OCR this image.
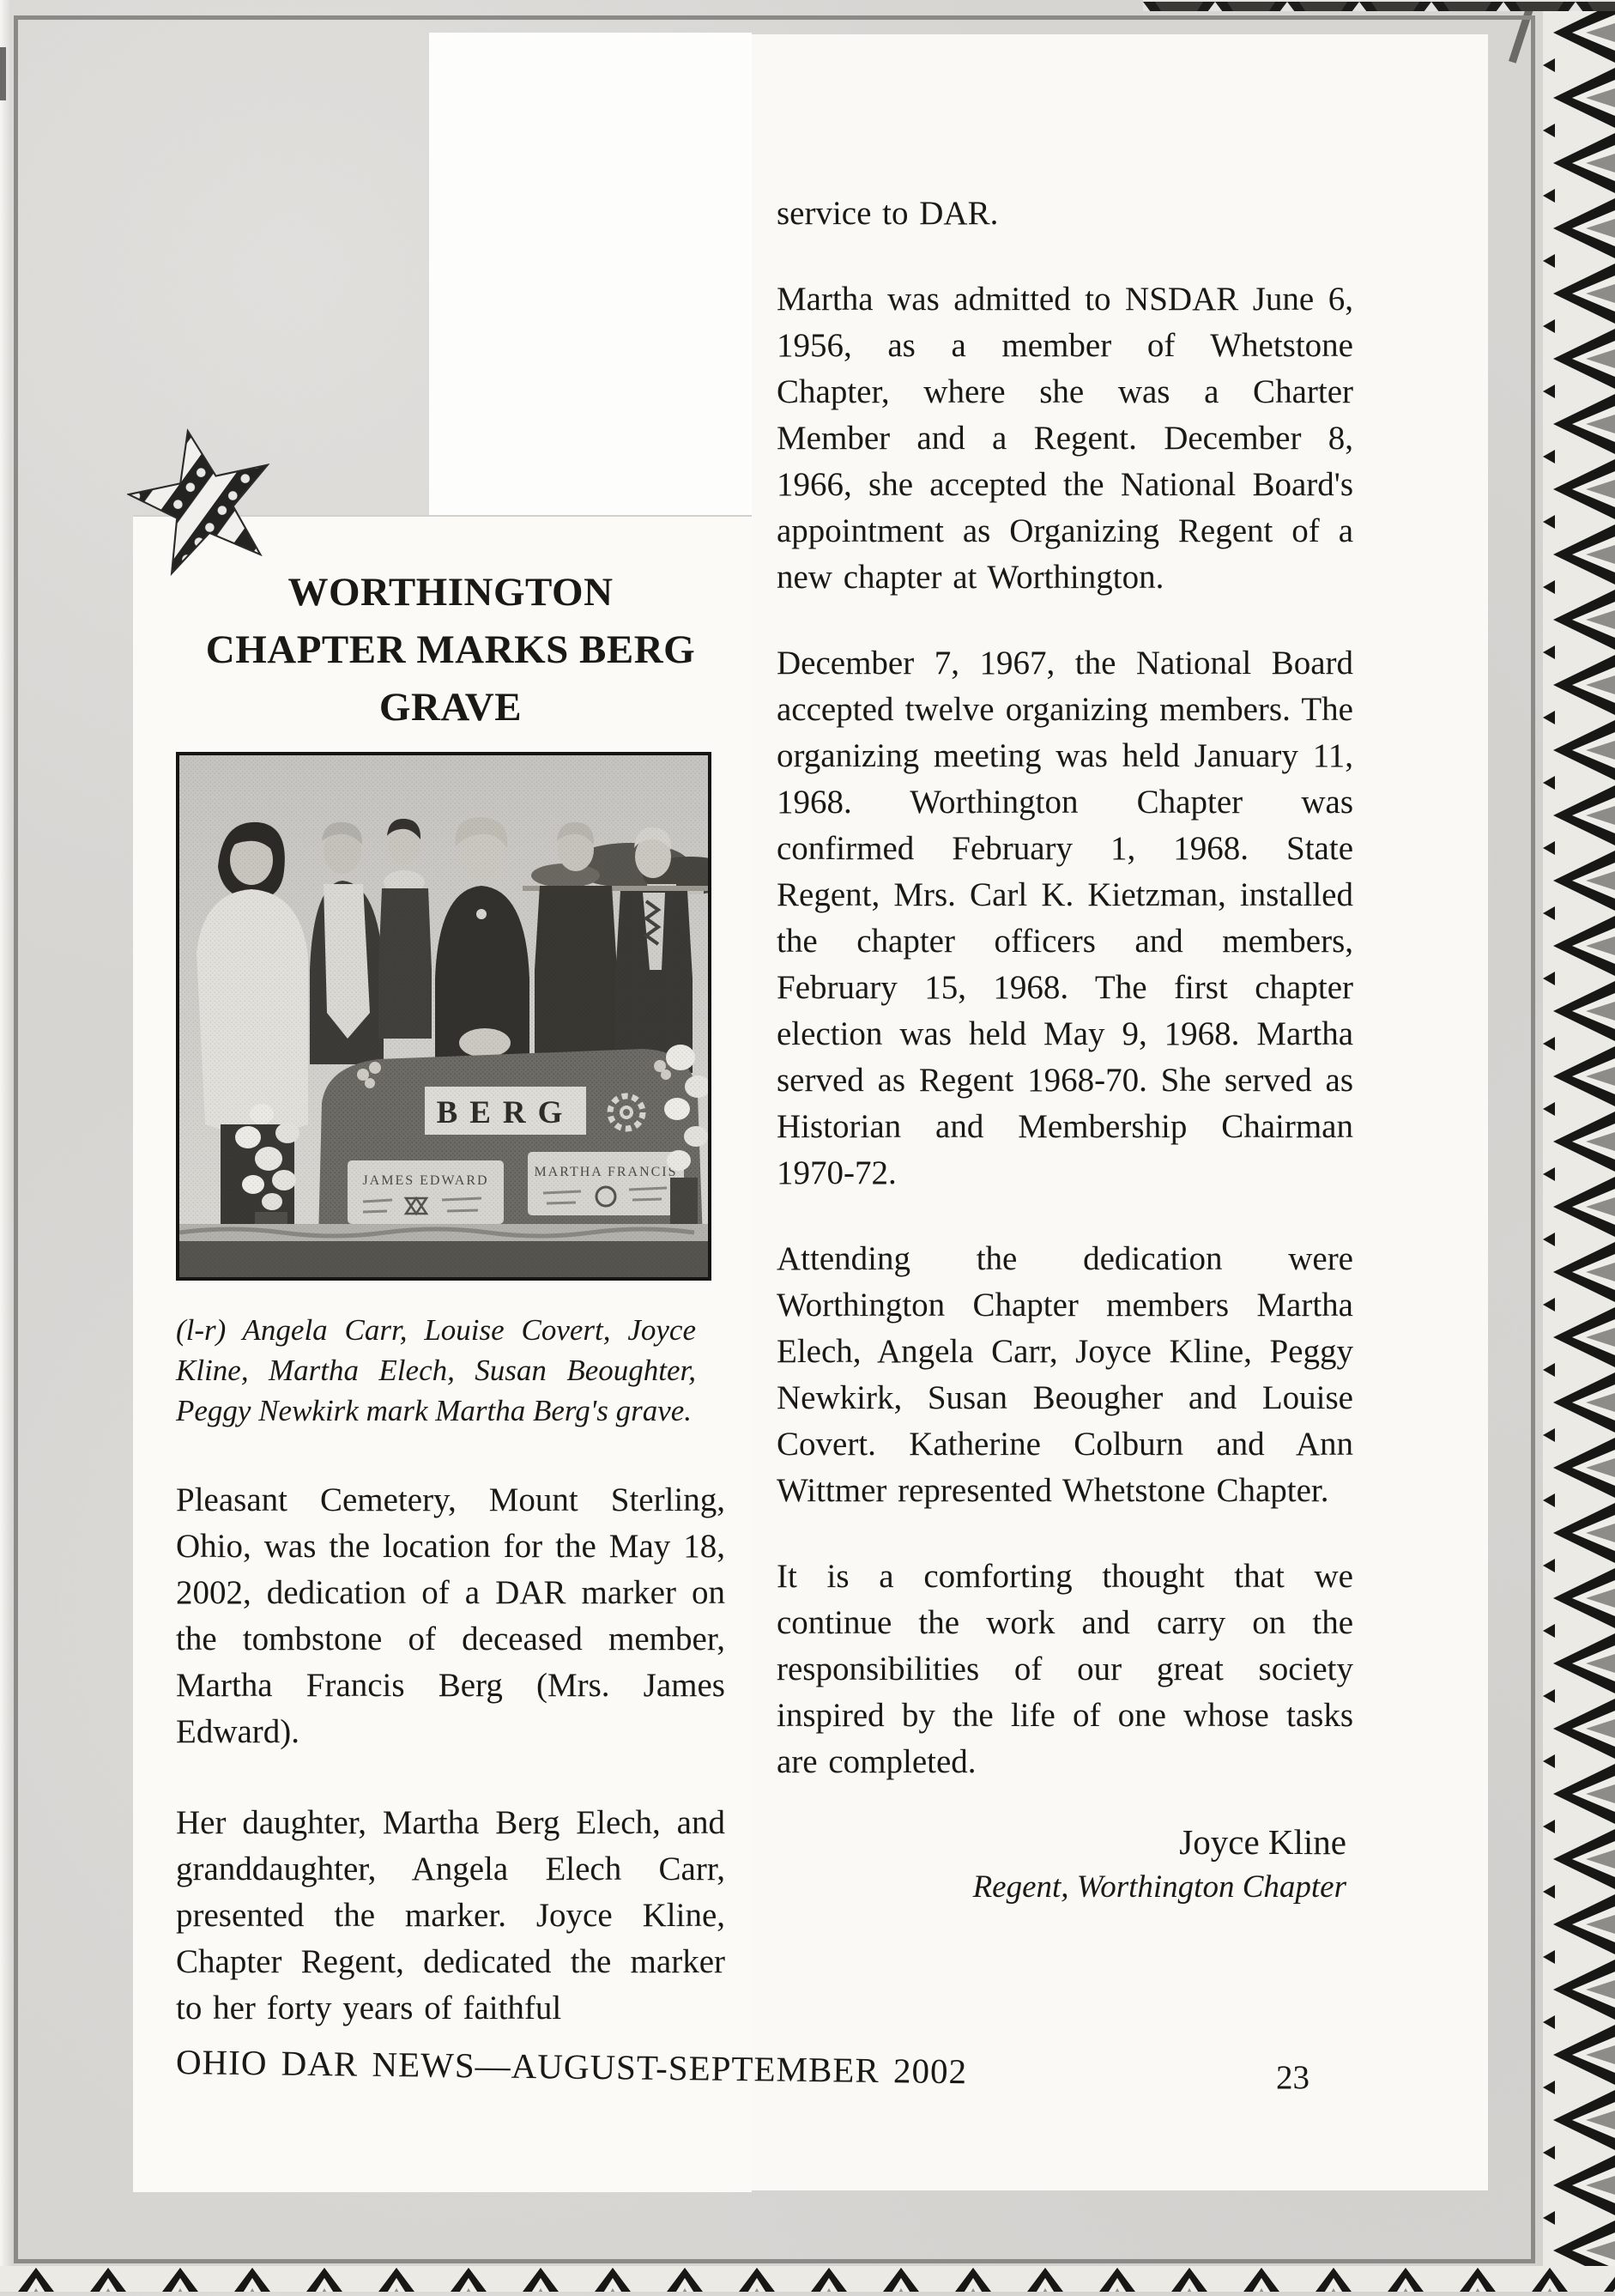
WORTHINGTON
CHAPTER MARKS BERG
GRAVE
(l-r) Angela Carr, Louise Covert, Joyce Kline, Martha Elech, Susan Beoughter, Peggy Newkirk mark Martha Berg's grave.

Pleasant Cemetery, Mount Sterling, Ohio, was the location for the May 18, 2002, dedication of a DAR marker on the tombstone of deceased member, Martha Francis Berg (Mrs. James Edward).

Her daughter, Martha Berg Elech, and granddaughter, Angela Elech Carr, presented the marker. Joyce Kline, Chapter Regent, dedicated the marker to her forty years of faithful

service to DAR.

Martha was admitted to NSDAR June 6, 1956, as a member of Whetstone Chapter, where she was a Charter Member and a Regent. December 8, 1966, she accepted the National Board's appointment as Organizing Regent of a new chapter at Worthington.

December 7, 1967, the National Board accepted twelve organizing members. The organizing meeting was held January 11, 1968. Worthington Chapter was confirmed February 1, 1968. State Regent, Mrs. Carl K. Kietzman, installed the chapter officers and members, February 15, 1968. The first chapter election was held May 9, 1968. Martha served as Regent 1968-70. She served as Historian and Membership Chairman 1970-72.

Attending the dedication were Worthington Chapter members Martha Elech, Angela Carr, Joyce Kline, Peggy Newkirk, Susan Beougher and Louise Covert. Katherine Colburn and Ann Wittmer represented Whetstone Chapter.

It is a comforting thought that we continue the work and carry on the responsibilities of our great society inspired by the life of one whose tasks are completed.

Joyce Kline
Regent, Worthington Chapter
OHIO DAR NEWS—AUGUST-SEPTEMBER 2002	23
